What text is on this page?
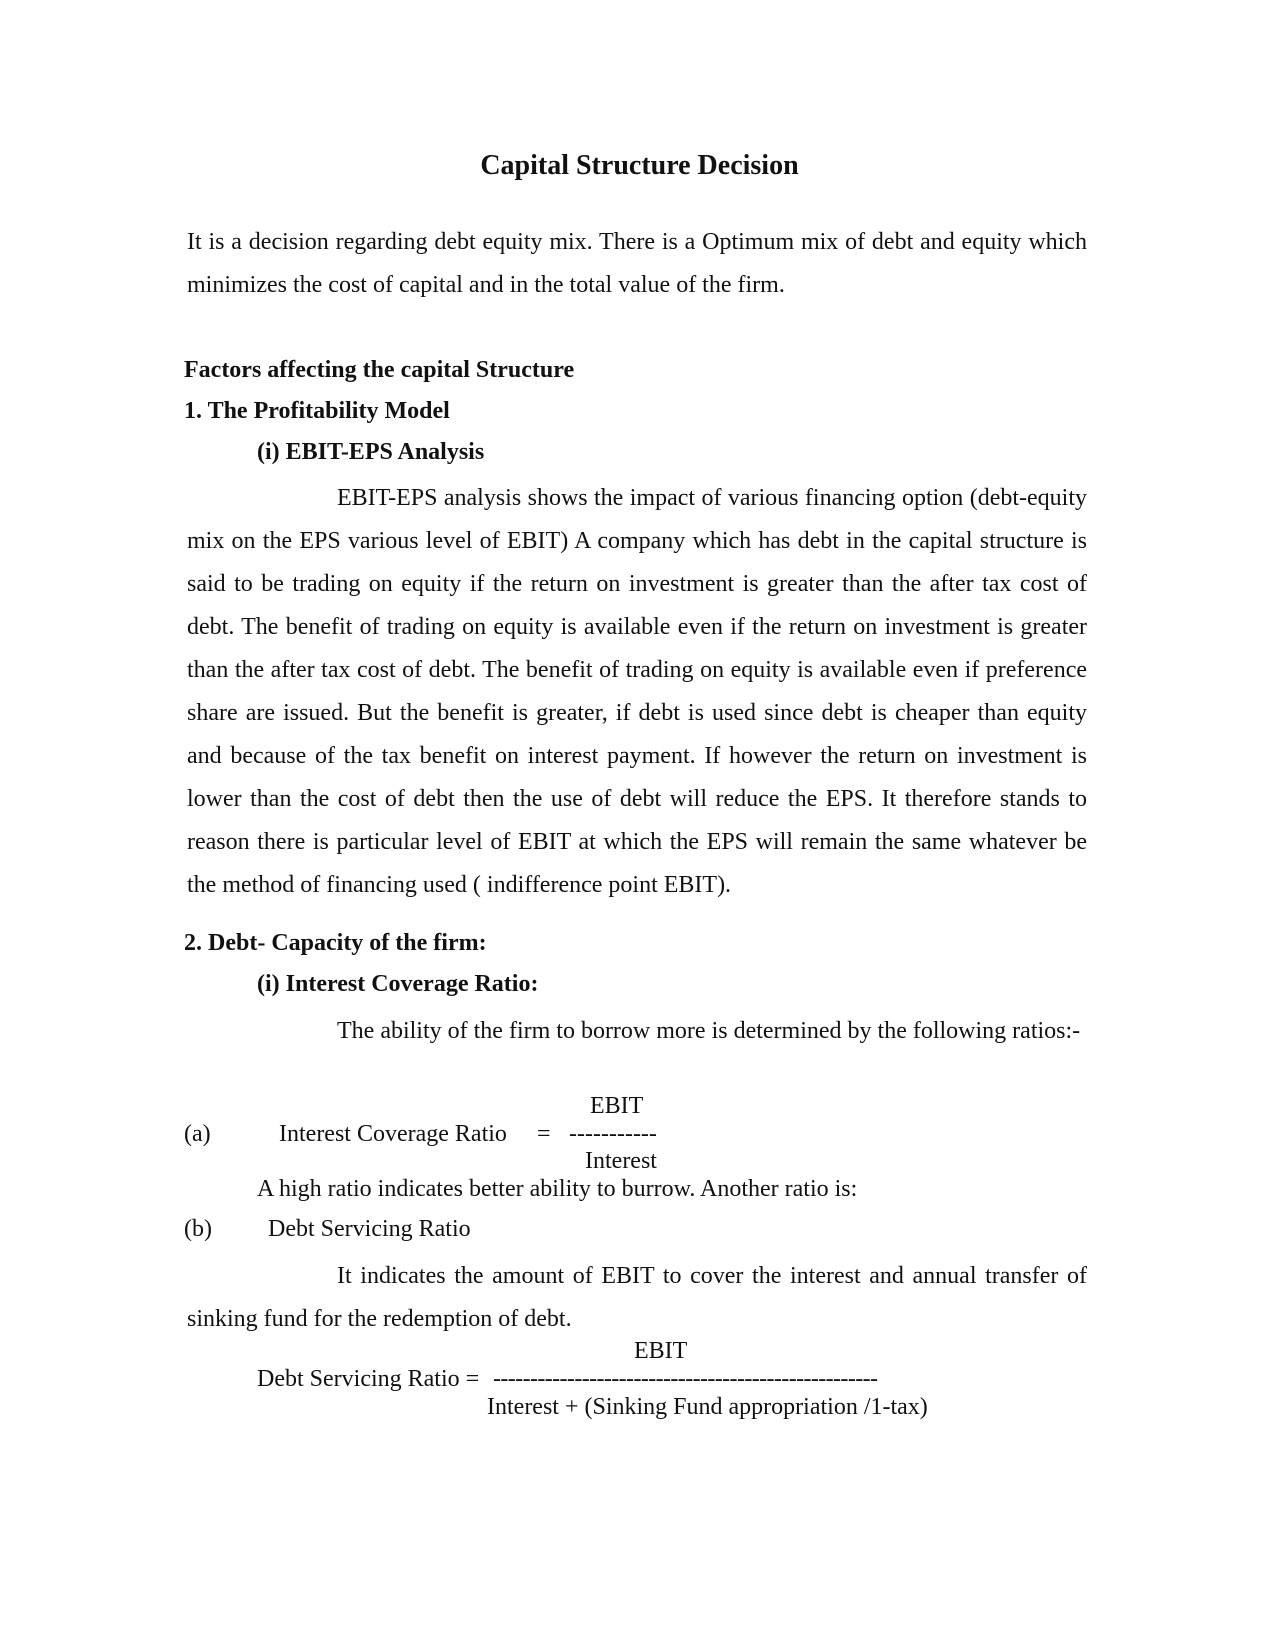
Capital Structure Decision
It is a decision regarding debt equity mix. There is a Optimum mix of debt and equity which minimizes the cost of capital and in the total value of the firm.
Factors affecting the capital Structure
1. The Profitability Model
(i) EBIT-EPS Analysis
EBIT-EPS analysis shows the impact of various financing option (debt-equity mix on the EPS various level of EBIT) A company which has debt in the capital structure is said to be trading on equity if the return on investment is greater than the after tax cost of debt. The benefit of trading on equity is available even if the return on investment is greater than the after tax cost of debt. The benefit of trading on equity is available even if preference share are issued. But the benefit is greater, if debt is used since debt is cheaper than equity and because of the tax benefit on interest payment. If however the return on investment is lower than the cost of debt then the use of debt will reduce the EPS. It therefore stands to reason there is particular level of EBIT at which the EPS will remain the same whatever be the method of financing used ( indifference point EBIT).
2. Debt- Capacity of the firm:
(i) Interest Coverage Ratio:
The ability of the firm to borrow more is determined by the following ratios:-
EBIT
(a)	Interest Coverage Ratio = -----------
Interest
A high ratio indicates better ability to burrow. Another ratio is:
(b) Debt Servicing Ratio
It indicates the amount of EBIT to cover the interest and annual transfer of sinking fund for the redemption of debt.
EBIT
Debt Servicing Ratio = ----------------------------------------------------
Interest + (Sinking Fund appropriation /1-tax)
